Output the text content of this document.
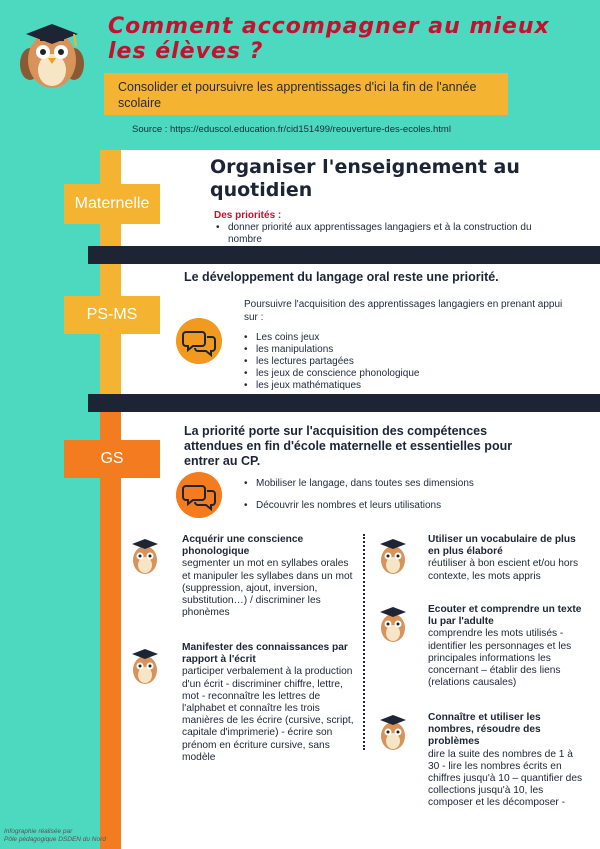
Comment accompagner au mieux les élèves ?
Consolider et poursuivre les apprentissages d'ici la fin de l'année scolaire
Source : https://eduscol.education.fr/cid151499/reouverture-des-ecoles.html
Maternelle
Organiser l'enseignement au quotidien
Des priorités :
• donner priorité aux apprentissages langagiers et à la construction du nombre
PS-MS
Le développement du langage oral reste une priorité.
Poursuivre l'acquisition des apprentissages langagiers en prenant appui sur :
• Les coins jeux
• les manipulations
• les lectures partagées
• les jeux de conscience phonologique
• les jeux mathématiques
GS
La priorité porte sur l'acquisition des compétences attendues en fin d'école maternelle et essentielles pour entrer au CP.
• Mobiliser le langage, dans toutes ses dimensions
• Découvrir les nombres et leurs utilisations
Acquérir une conscience phonologique
segmenter un mot en syllabes orales et manipuler les syllabes dans un mot (suppression, ajout, inversion, substitution…) / discriminer les phonèmes
Manifester des connaissances par rapport à l'écrit
participer verbalement à la production d'un écrit - discriminer chiffre, lettre, mot - reconnaître les lettres de l'alphabet et connaître les trois manières de les écrire (cursive, script, capitale d'imprimerie) - écrire son prénom en écriture cursive, sans modèle
Utiliser un vocabulaire de plus en plus élaboré
réutiliser à bon escient et/ou hors contexte, les mots appris
Ecouter et comprendre un texte lu par l'adulte
comprendre les mots utilisés - identifier les personnages et les principales informations les concernant – établir des liens (relations causales)
Connaître et utiliser les nombres, résoudre des problèmes
dire la suite des nombres de 1 à 30 - lire les nombres écrits en chiffres jusqu'à 10 – quantifier des collections jusqu'à 10, les composer et les décomposer -
Infographie réalisée par
Pôle pédagogique DSDEN du Nord
